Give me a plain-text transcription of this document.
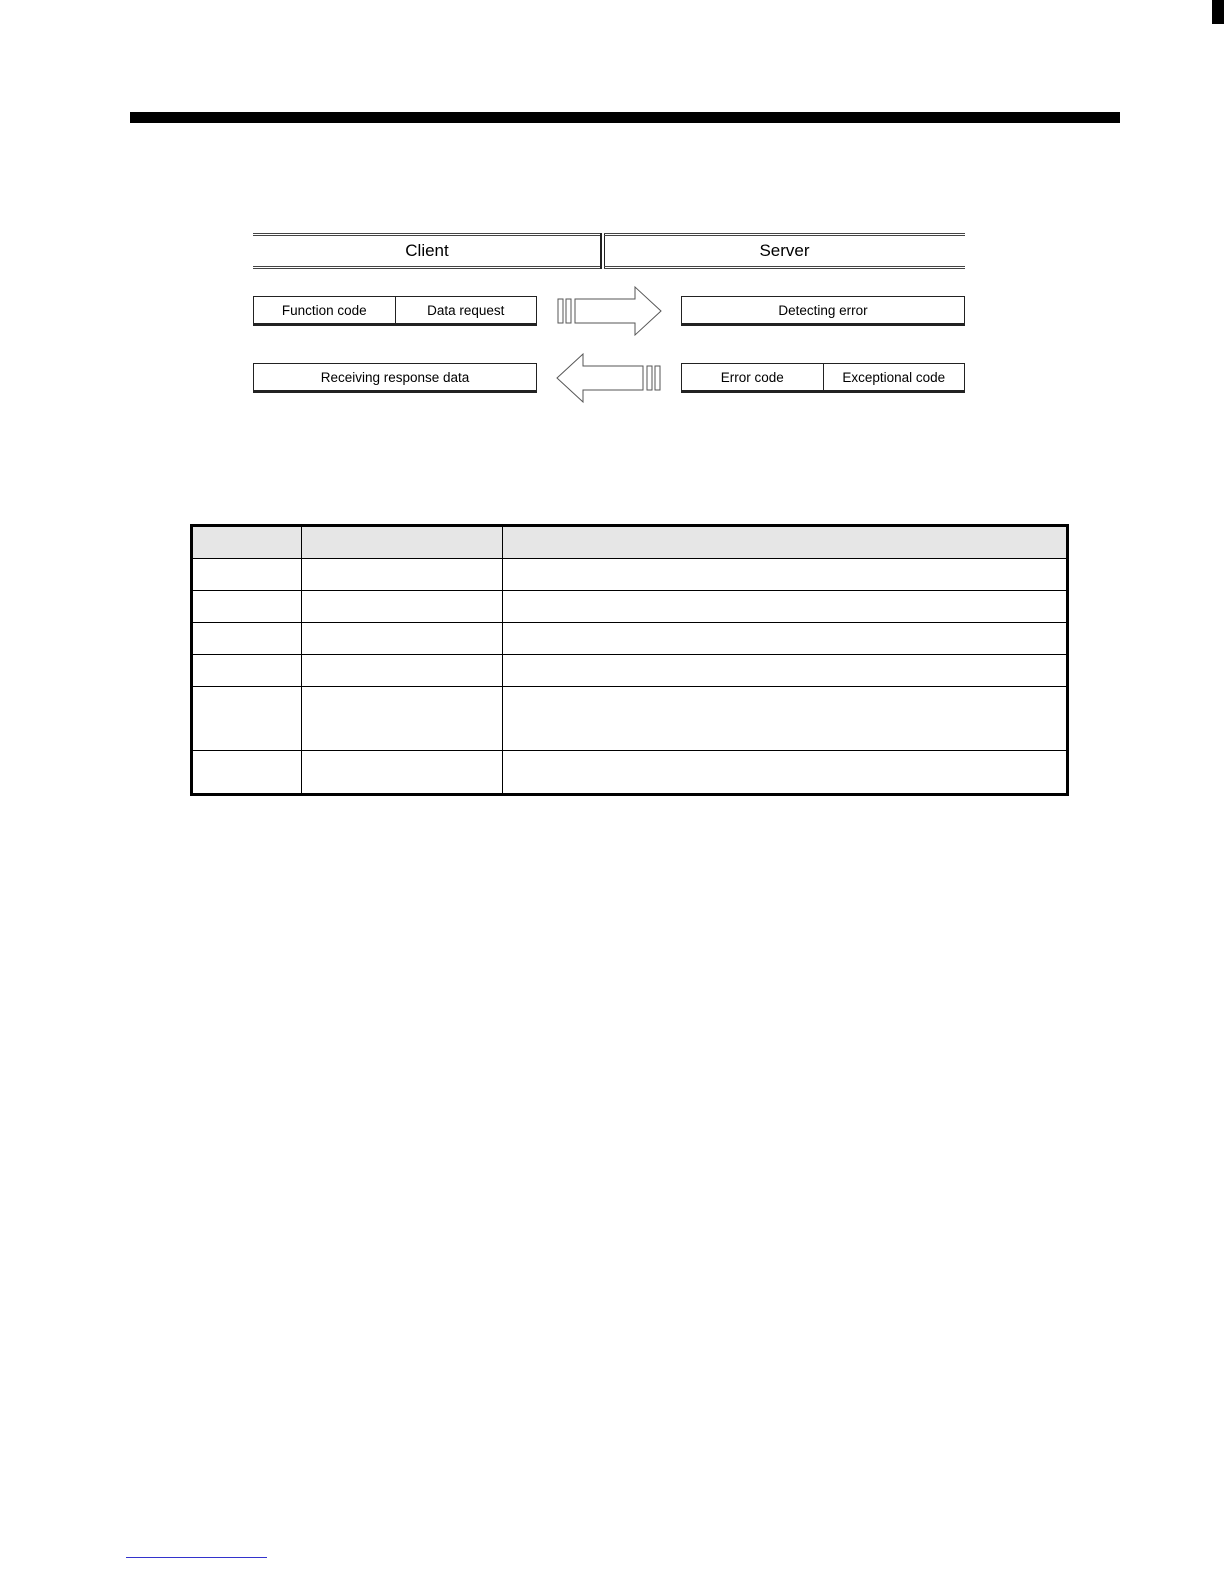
Client	Server
Function code	Data request	Detecting error
Receiving response data	Error code	Exceptional code
